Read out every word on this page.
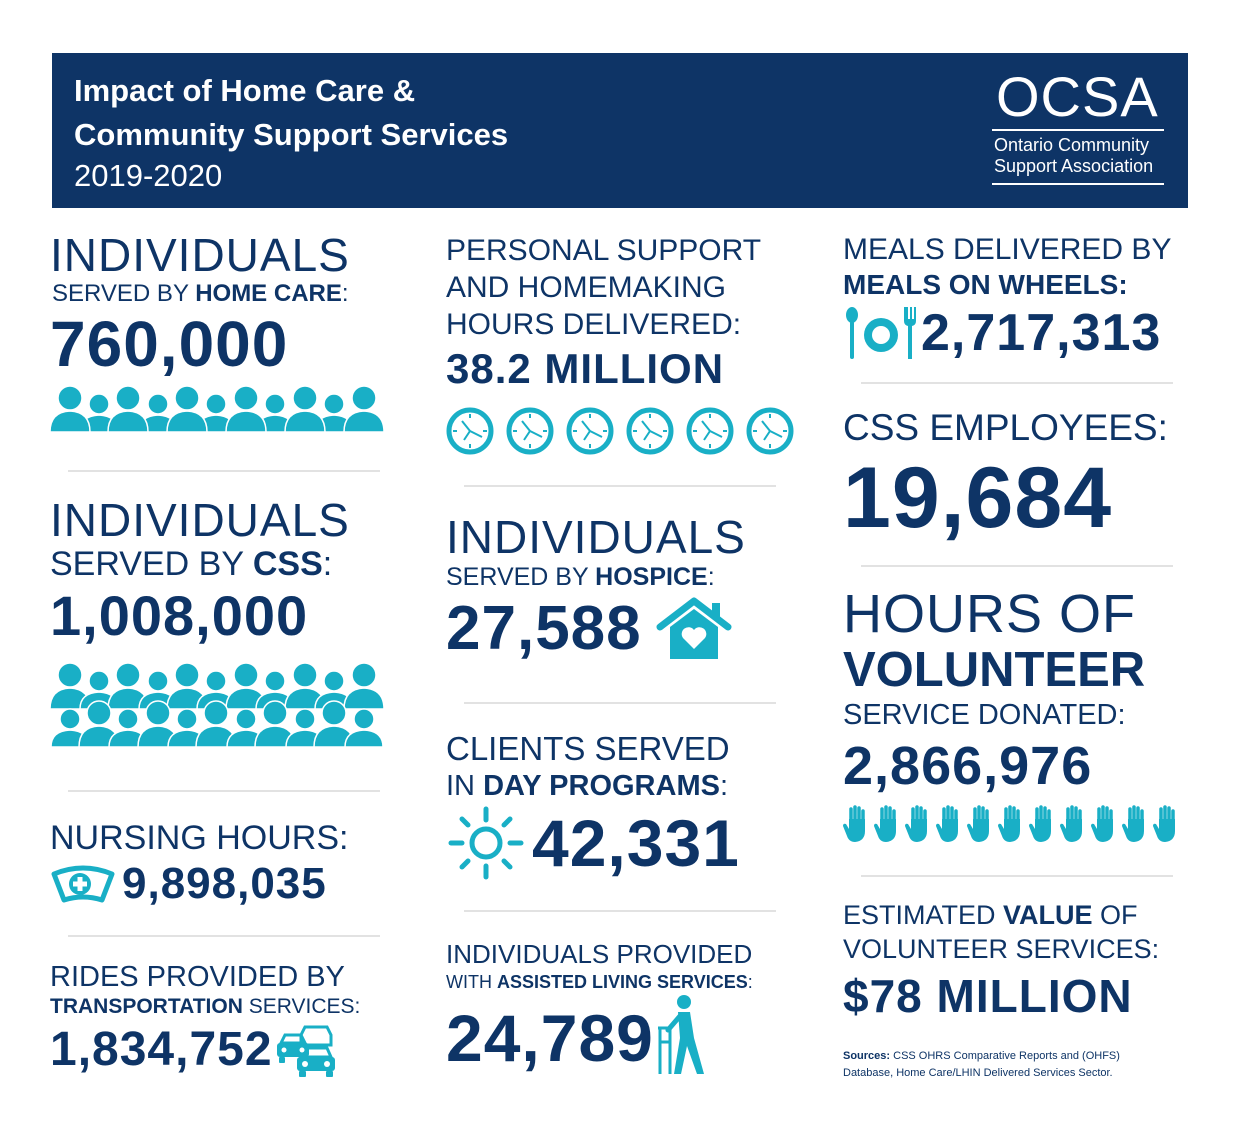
Impact of Home Care &
Community Support Services
2019-2020
OCSA
Ontario Community
Support Association
INDIVIDUALS
SERVED BY HOME CARE:
760,000
INDIVIDUALS
SERVED BY CSS:
1,008,000
NURSING HOURS:
9,898,035
RIDES PROVIDED BY
TRANSPORTATION SERVICES:
1,834,752
PERSONAL SUPPORT
AND HOMEMAKING
HOURS DELIVERED:
38.2 MILLION
INDIVIDUALS
SERVED BY HOSPICE:
27,588
CLIENTS SERVED
IN DAY PROGRAMS:
42,331
INDIVIDUALS PROVIDED
WITH ASSISTED LIVING SERVICES:
24,789
MEALS DELIVERED BY
MEALS ON WHEELS:
2,717,313
CSS EMPLOYEES:
19,684
HOURS OF
VOLUNTEER
SERVICE DONATED:
2,866,976
ESTIMATED VALUE OF
VOLUNTEER SERVICES:
$78 MILLION
Sources: CSS OHRS Comparative Reports and (OHFS)
Database, Home Care/LHIN Delivered Services Sector.
